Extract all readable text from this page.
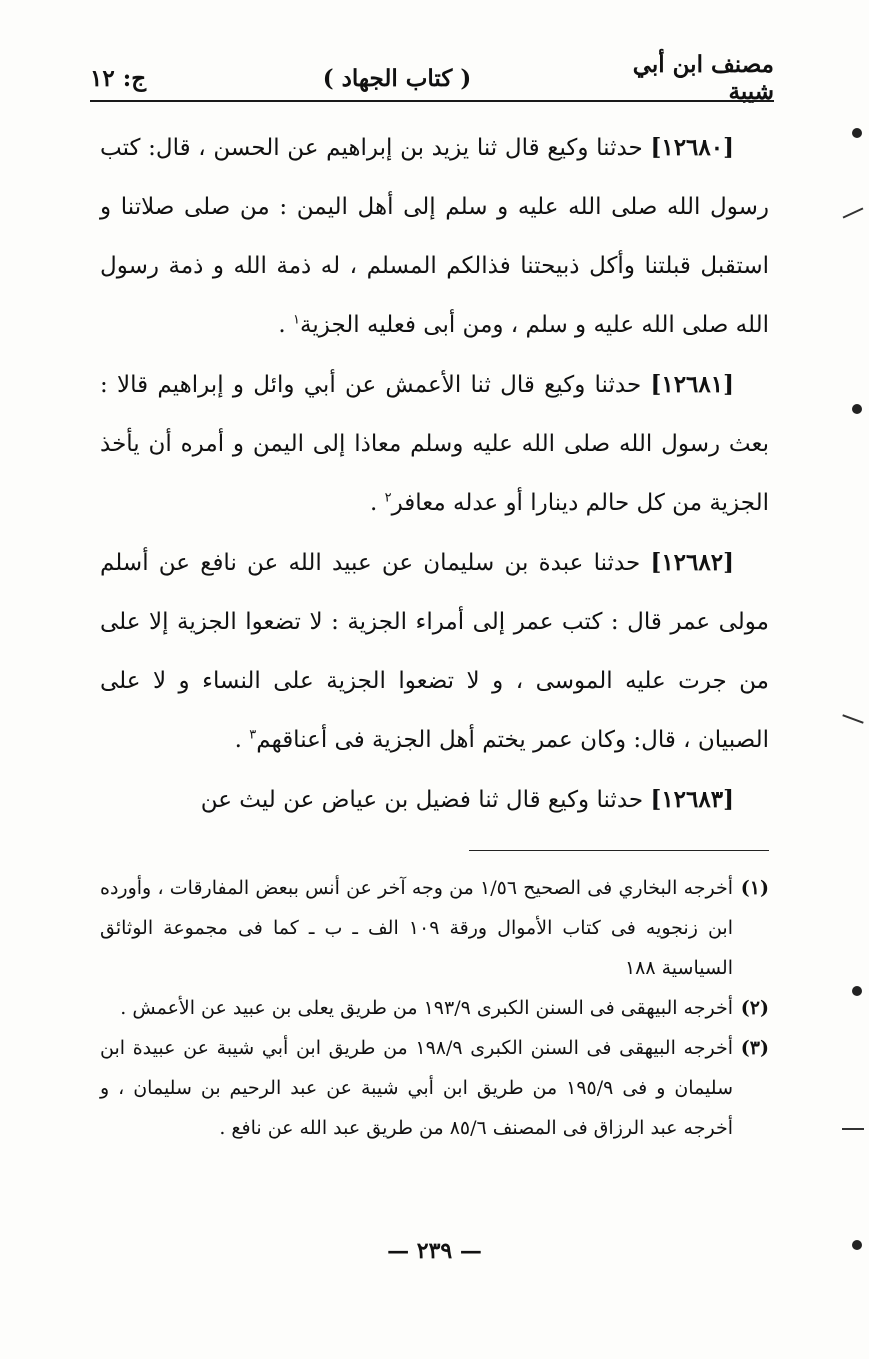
مصنف ابن أبي شيبة
( كتاب الجهاد )
ج: ١٢

[١٢٦٨٠] حدثنا وكيع قال ثنا يزيد بن إبراهيم عن الحسن ، قال: كتب رسول الله صلى الله عليه و سلم إلى أهل اليمن : من صلى صلاتنا و استقبل قبلتنا وأكل ذبيحتنا فذالكم المسلم ، له ذمة الله و ذمة رسول الله صلى الله عليه و سلم ، ومن أبى فعليه الجزية$^١$ .

[١٢٦٨١] حدثنا وكيع قال ثنا الأعمش عن أبي وائل و إبراهيم قالا : بعث رسول الله صلى الله عليه وسلم معاذا إلى اليمن و أمره أن يأخذ الجزية من كل حالم دينارا أو عدله معافر$^٢$ .

[١٢٦٨٢] حدثنا عبدة بن سليمان عن عبيد الله عن نافع عن أسلم مولى عمر قال : كتب عمر إلى أمراء الجزية : لا تضعوا الجزية إلا على من جرت عليه الموسى ، و لا تضعوا الجزية على النساء و لا على الصبيان ، قال: وكان عمر يختم أهل الجزية فى أعناقهم$^٣$ .

[١٢٦٨٣] حدثنا وكيع قال ثنا فضيل بن عياض عن ليث عن

(١)
أخرجه البخاري فى الصحيح ١/٥٦ من وجه آخر عن أنس ببعض المفارقات ، وأورده ابن زنجويه فى كتاب الأموال ورقة ١٠٩ الف ـ ب ـ كما فى مجموعة الوثائق السياسية ١٨٨
(٢)
أخرجه البيهقى فى السنن الكبرى ١٩٣/٩ من طريق يعلى بن عبيد عن الأعمش .
(٣)
أخرجه البيهقى فى السنن الكبرى ١٩٨/٩ من طريق ابن أبي شيبة عن عبيدة ابن سليمان و فى ١٩٥/٩ من طريق ابن أبي شيبة عن عبد الرحيم بن سليمان ، و أخرجه عبد الرزاق فى المصنف ٨٥/٦ من طريق عبد الله عن نافع .
— ٢٣٩ —
